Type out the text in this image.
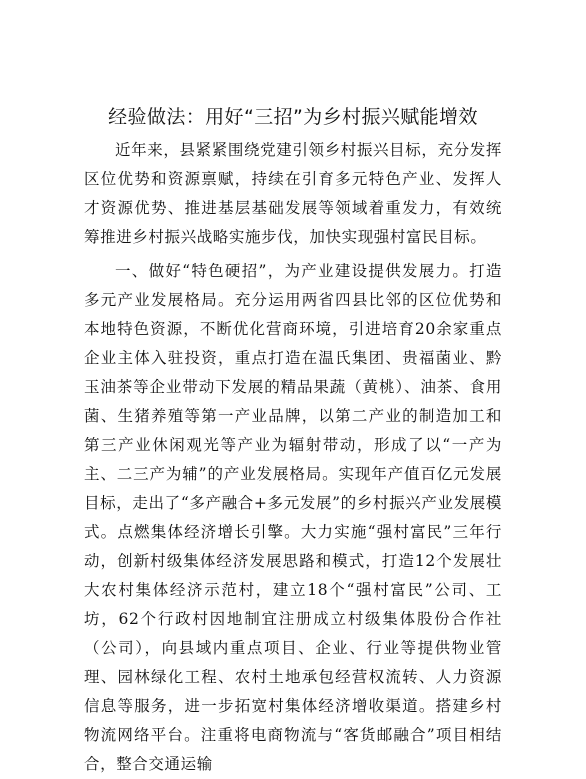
经验做法：用好“三招”为乡村振兴赋能增效

近年来，县紧紧围绕党建引领乡村振兴目标，充分发挥区位优势和资源禀赋，持续在引育多元特色产业、发挥人才资源优势、推进基层基础发展等领域着重发力，有效统筹推进乡村振兴战略实施步伐，加快实现强村富民目标。

一、做好“特色硬招”，为产业建设提供发展力。打造多元产业发展格局。充分运用两省四县比邻的区位优势和本地特色资源，不断优化营商环境，引进培育20余家重点企业主体入驻投资，重点打造在温氏集团、贵福菌业、黔玉油茶等企业带动下发展的精品果蔬（黄桃）、油茶、食用菌、生猪养殖等第一产业品牌，以第二产业的制造加工和第三产业休闲观光等产业为辐射带动，形成了以“一产为主、二三产为辅”的产业发展格局。实现年产值百亿元发展目标，走出了“多产融合+多元发展”的乡村振兴产业发展模式。点燃集体经济增长引擎。大力实施“强村富民”三年行动，创新村级集体经济发展思路和模式，打造12个发展壮大农村集体经济示范村，建立18个“强村富民”公司、工坊，62个行政村因地制宜注册成立村级集体股份合作社（公司），向县域内重点项目、企业、行业等提供物业管理、园林绿化工程、农村土地承包经营权流转、人力资源信息等服务，进一步拓宽村集体经济增收渠道。搭建乡村物流网络平台。注重将电商物流与“客货邮融合”项目相结合，整合交通运输
